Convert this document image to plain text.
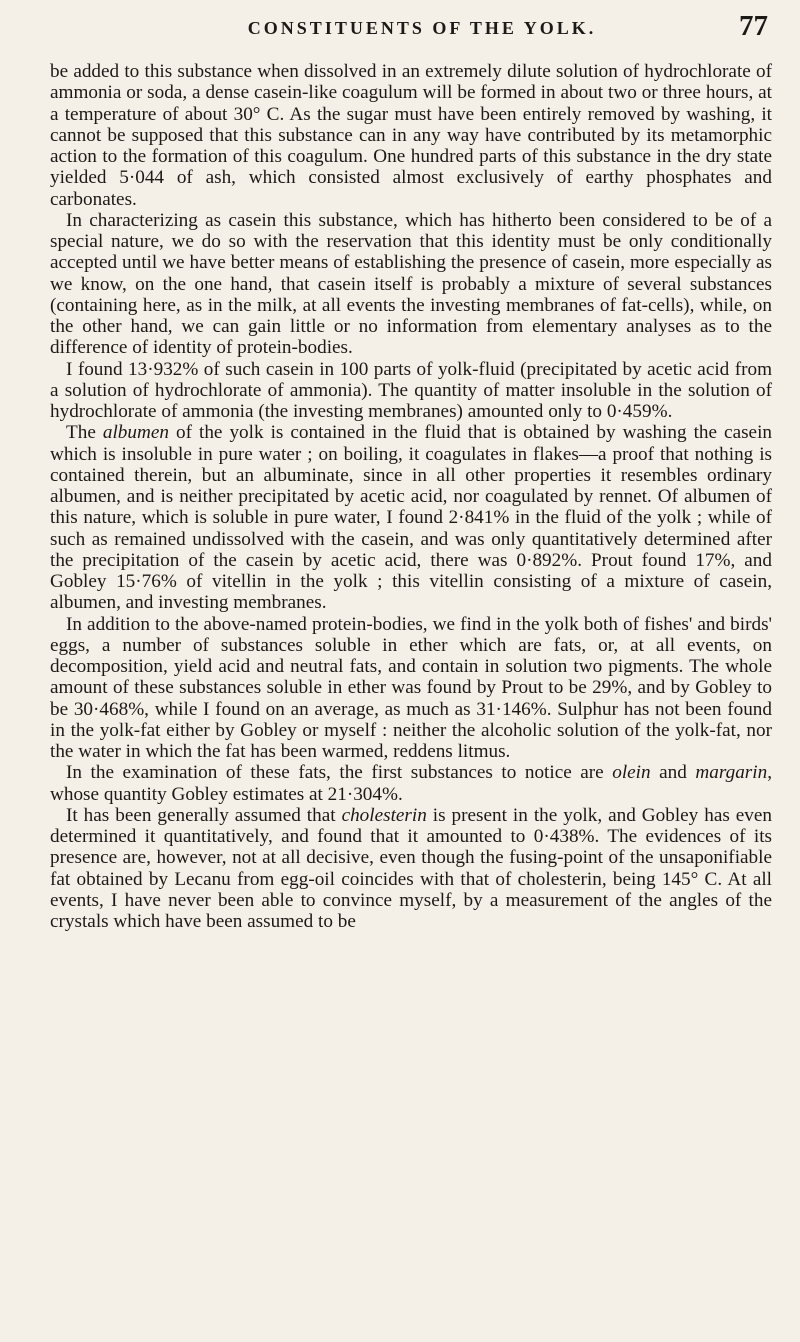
CONSTITUENTS OF THE YOLK.	77

be added to this substance when dissolved in an extremely dilute solution of hydrochlorate of ammonia or soda, a dense casein-like coagulum will be formed in about two or three hours, at a temperature of about 30° C. As the sugar must have been entirely removed by washing, it cannot be supposed that this substance can in any way have contributed by its metamorphic action to the formation of this coagulum. One hundred parts of this substance in the dry state yielded 5·044 of ash, which consisted almost exclusively of earthy phosphates and carbonates.

In characterizing as casein this substance, which has hitherto been considered to be of a special nature, we do so with the reservation that this identity must be only conditionally accepted until we have better means of establishing the presence of casein, more especially as we know, on the one hand, that casein itself is probably a mixture of several substances (containing here, as in the milk, at all events the investing membranes of fat-cells), while, on the other hand, we can gain little or no information from elementary analyses as to the difference of identity of protein-bodies.

I found 13·932% of such casein in 100 parts of yolk-fluid (precipitated by acetic acid from a solution of hydrochlorate of ammonia). The quantity of matter insoluble in the solution of hydrochlorate of ammonia (the investing membranes) amounted only to 0·459%.

The albumen of the yolk is contained in the fluid that is obtained by washing the casein which is insoluble in pure water ; on boiling, it coagulates in flakes—a proof that nothing is contained therein, but an albuminate, since in all other properties it resembles ordinary albumen, and is neither precipitated by acetic acid, nor coagulated by rennet. Of albumen of this nature, which is soluble in pure water, I found 2·841% in the fluid of the yolk ; while of such as remained undissolved with the casein, and was only quantitatively determined after the precipitation of the casein by acetic acid, there was 0·892%. Prout found 17%, and Gobley 15·76% of vitellin in the yolk ; this vitellin consisting of a mixture of casein, albumen, and investing membranes.

In addition to the above-named protein-bodies, we find in the yolk both of fishes' and birds' eggs, a number of substances soluble in ether which are fats, or, at all events, on decomposition, yield acid and neutral fats, and contain in solution two pigments. The whole amount of these substances soluble in ether was found by Prout to be 29%, and by Gobley to be 30·468%, while I found on an average, as much as 31·146%. Sulphur has not been found in the yolk-fat either by Gobley or myself : neither the alcoholic solution of the yolk-fat, nor the water in which the fat has been warmed, reddens litmus.

In the examination of these fats, the first substances to notice are olein and margarin, whose quantity Gobley estimates at 21·304%.

It has been generally assumed that cholesterin is present in the yolk, and Gobley has even determined it quantitatively, and found that it amounted to 0·438%. The evidences of its presence are, however, not at all decisive, even though the fusing-point of the unsaponifiable fat obtained by Lecanu from egg-oil coincides with that of cholesterin, being 145° C. At all events, I have never been able to convince myself, by a measurement of the angles of the crystals which have been assumed to be
